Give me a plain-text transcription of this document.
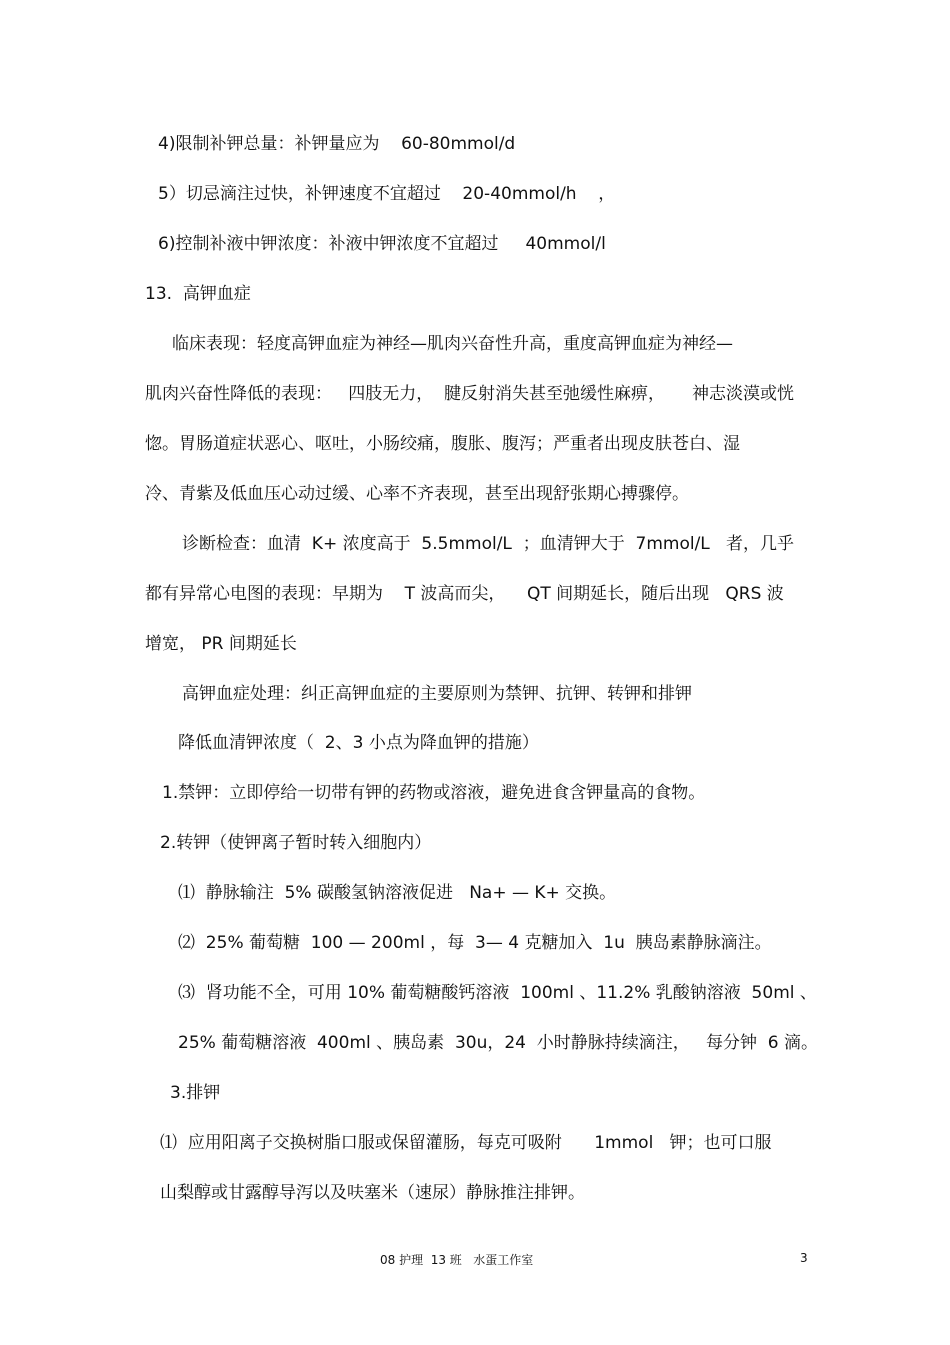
4)限制补钾总量：补钾量应为    60-80mmol/d
5）切忌滴注过快，补钾速度不宜超过    20-40mmol/h    ，
6)控制补液中钾浓度：补液中钾浓度不宜超过     40mmol/l
13.  高钾血症
临床表现：轻度高钾血症为神经—肌肉兴奋性升高，重度高钾血症为神经—
肌肉兴奋性降低的表现：   四肢无力，  腱反射消失甚至弛缓性麻痹，     神志淡漠或恍
惚。胃肠道症状恶心、呕吐，小肠绞痛，腹胀、腹泻；严重者出现皮肤苍白、湿
冷、青紫及低血压心动过缓、心率不齐表现，甚至出现舒张期心搏骤停。
诊断检查：血清  K+ 浓度高于  5.5mmol/L  ；血清钾大于  7mmol/L   者，几乎
都有异常心电图的表现：早期为    T 波高而尖，    QT 间期延长，随后出现   QRS 波
增宽， PR 间期延长
高钾血症处理：纠正高钾血症的主要原则为禁钾、抗钾、转钾和排钾
降低血清钾浓度（  2、3 小点为降血钾的措施）
1.禁钾：立即停给一切带有钾的药物或溶液，避免进食含钾量高的食物。
2.转钾（使钾离子暂时转入细胞内）
⑴  静脉输注  5% 碳酸氢钠溶液促进   Na+ — K+ 交换。
⑵  25% 葡萄糖  100 — 200ml ，每  3— 4 克糖加入  1u  胰岛素静脉滴注。
⑶  肾功能不全，可用 10% 葡萄糖酸钙溶液  100ml 、11.2% 乳酸钠溶液  50ml 、
25% 葡萄糖溶液  400ml 、胰岛素  30u，24  小时静脉持续滴注，   每分钟  6 滴。
3.排钾
⑴  应用阳离子交换树脂口服或保留灌肠，每克可吸附      1mmol   钾；也可口服
山梨醇或甘露醇导泻以及呋塞米（速尿）静脉推注排钾。
08 护理  13 班   水蛋工作室	3
